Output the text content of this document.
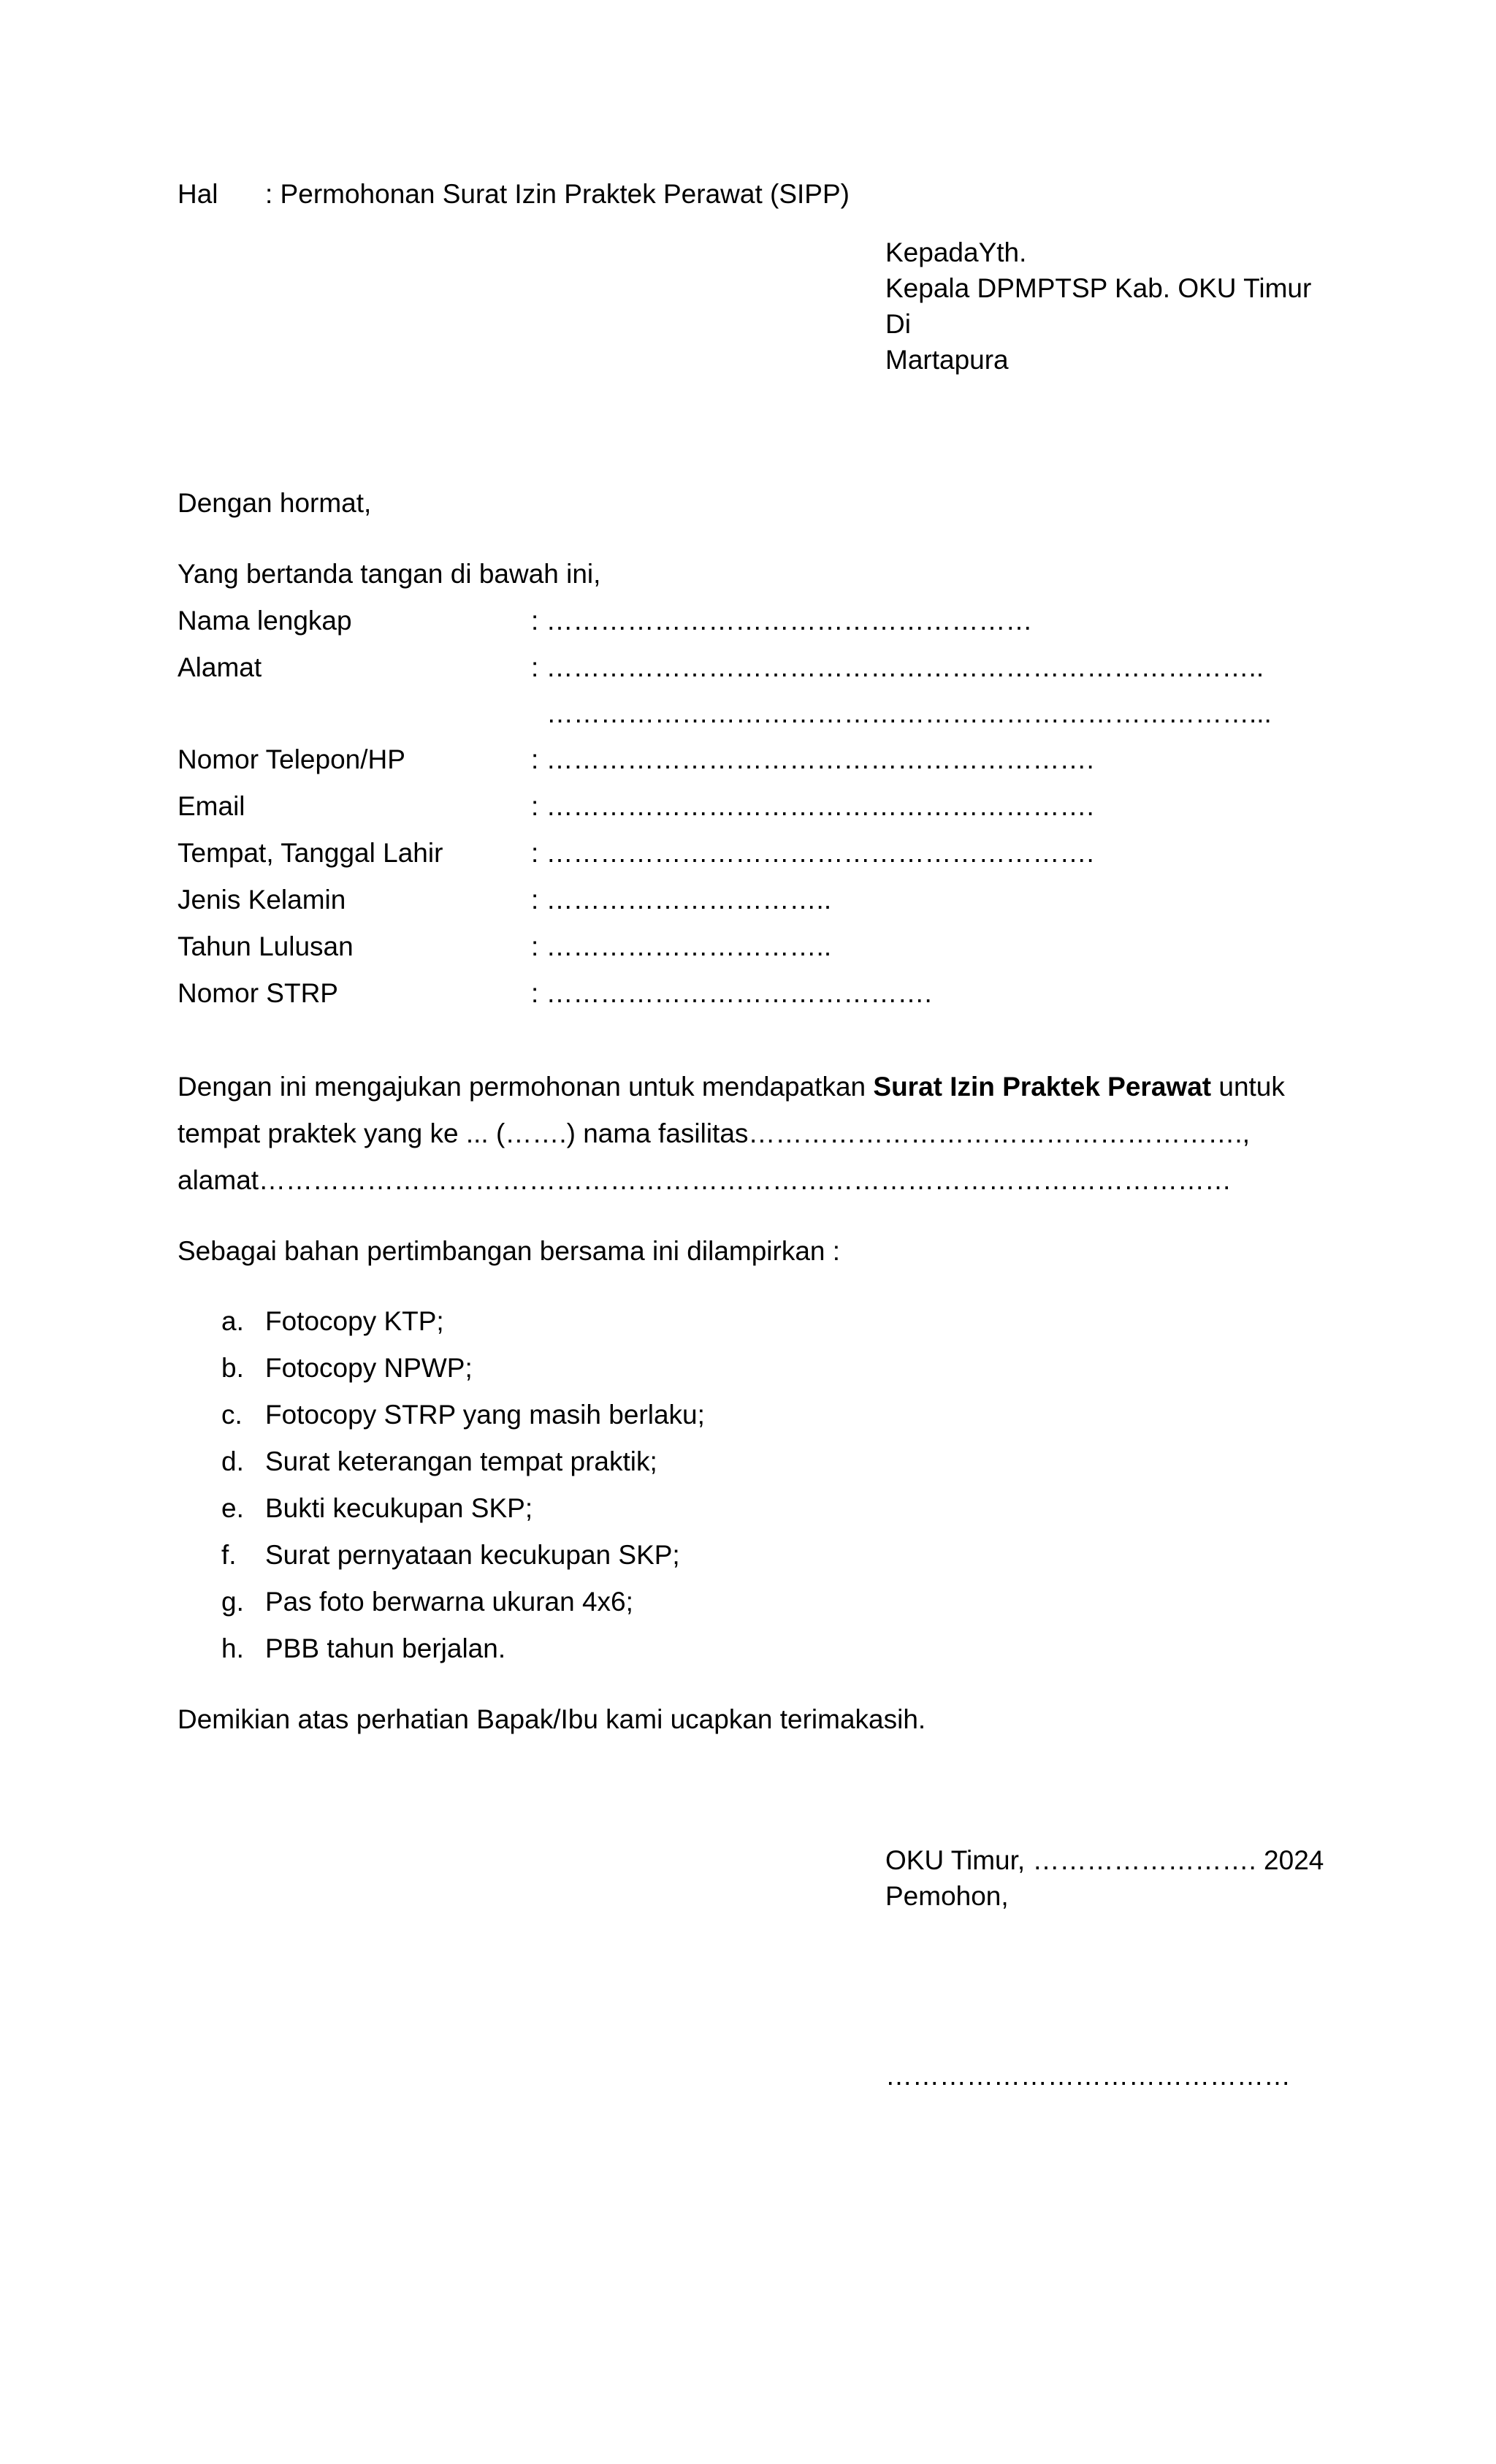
Hal : Permohonan Surat Izin Praktek Perawat (SIPP)
KepadaYth.
Kepala DPMPTSP Kab. OKU Timur
Di
Martapura
Dengan hormat,
Yang bertanda tangan di bawah ini,
Nama lengkap	: ………………………………………………
Alamat	: ……………………………………………………………………..
……………………………………………………………………...
Nomor Telepon/HP	: …………………………………………………….
Email	: …………………………………………………….
Tempat, Tanggal Lahir	: …………………………………………………….
Jenis Kelamin	: …………………………..
Tahun Lulusan	: …………………………..
Nomor STRP	: …………………………………….
Dengan ini mengajukan permohonan untuk mendapatkan Surat Izin Praktek Perawat untuk
tempat praktek yang ke ... (…….) nama fasilitas……………………………………………….,
alamat………………………………………………………………………………………………
Sebagai bahan pertimbangan bersama ini dilampirkan :
a. Fotocopy KTP;
b. Fotocopy NPWP;
c. Fotocopy STRP yang masih berlaku;
d. Surat keterangan tempat praktik;
e. Bukti kecukupan SKP;
f. Surat pernyataan kecukupan SKP;
g. Pas foto berwarna ukuran 4x6;
h. PBB tahun berjalan.
Demikian atas perhatian Bapak/Ibu kami ucapkan terimakasih.
OKU Timur, ……………………. 2024
Pemohon,
………………………………………
